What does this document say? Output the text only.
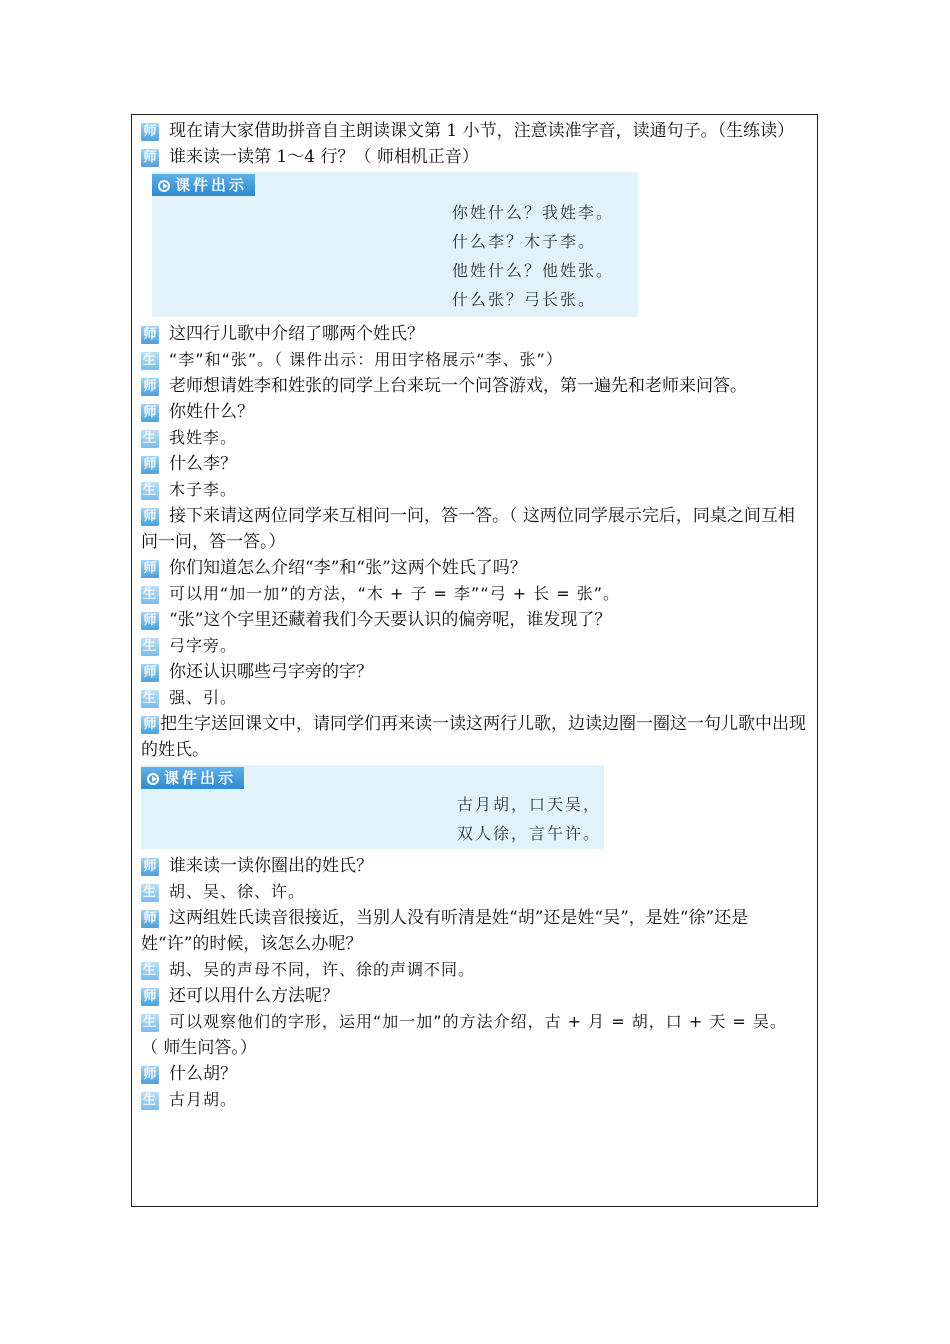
师 现在请大家借助拼音自主朗读课文第 1 小节，注意读准字音，读通句子。（生练读）
师 谁来读一读第 1～4 行？（ 师相机正音）
课件出示
你姓什么？我姓李。
什么李？木子李。
他姓什么？他姓张。
什么张？弓长张。
师 这四行儿歌中介绍了哪两个姓氏？
生 “李”和“张”。（ 课件出示：用田字格展示“李、张”）
师 老师想请姓李和姓张的同学上台来玩一个问答游戏，第一遍先和老师来问答。
师 你姓什么？
生 我姓李。
师 什么李？
生 木子李。
师 接下来请这两位同学来互相问一问，答一答。（ 这两位同学展示完后，同桌之间互相问一问，答一答。）
师 你们知道怎么介绍“李”和“张”这两个姓氏了吗？
生 可以用“加一加”的方法，“木 + 子 = 李”“弓 + 长 = 张”。
师 “张”这个字里还藏着我们今天要认识的偏旁呢，谁发现了？
生 弓字旁。
师 你还认识哪些弓字旁的字？
生 强、引。
师 把生字送回课文中，请同学们再来读一读这两行儿歌，边读边圈一圈这一句儿歌中出现的姓氏。
课件出示
古月胡，口天吴，
双人徐，言午许。
师 谁来读一读你圈出的姓氏？
生 胡、吴、徐、许。
师 这两组姓氏读音很接近，当别人没有听清是姓“胡”还是姓“吴”，是姓“徐”还是姓“许”的时候，该怎么办呢？
生 胡、吴的声母不同，许、徐的声调不同。
师 还可以用什么方法呢？
生 可以观察他们的字形，运用“加一加”的方法介绍，古 + 月 = 胡，口 + 天 = 吴。
（ 师生问答。）
师 什么胡？
生 古月胡。
